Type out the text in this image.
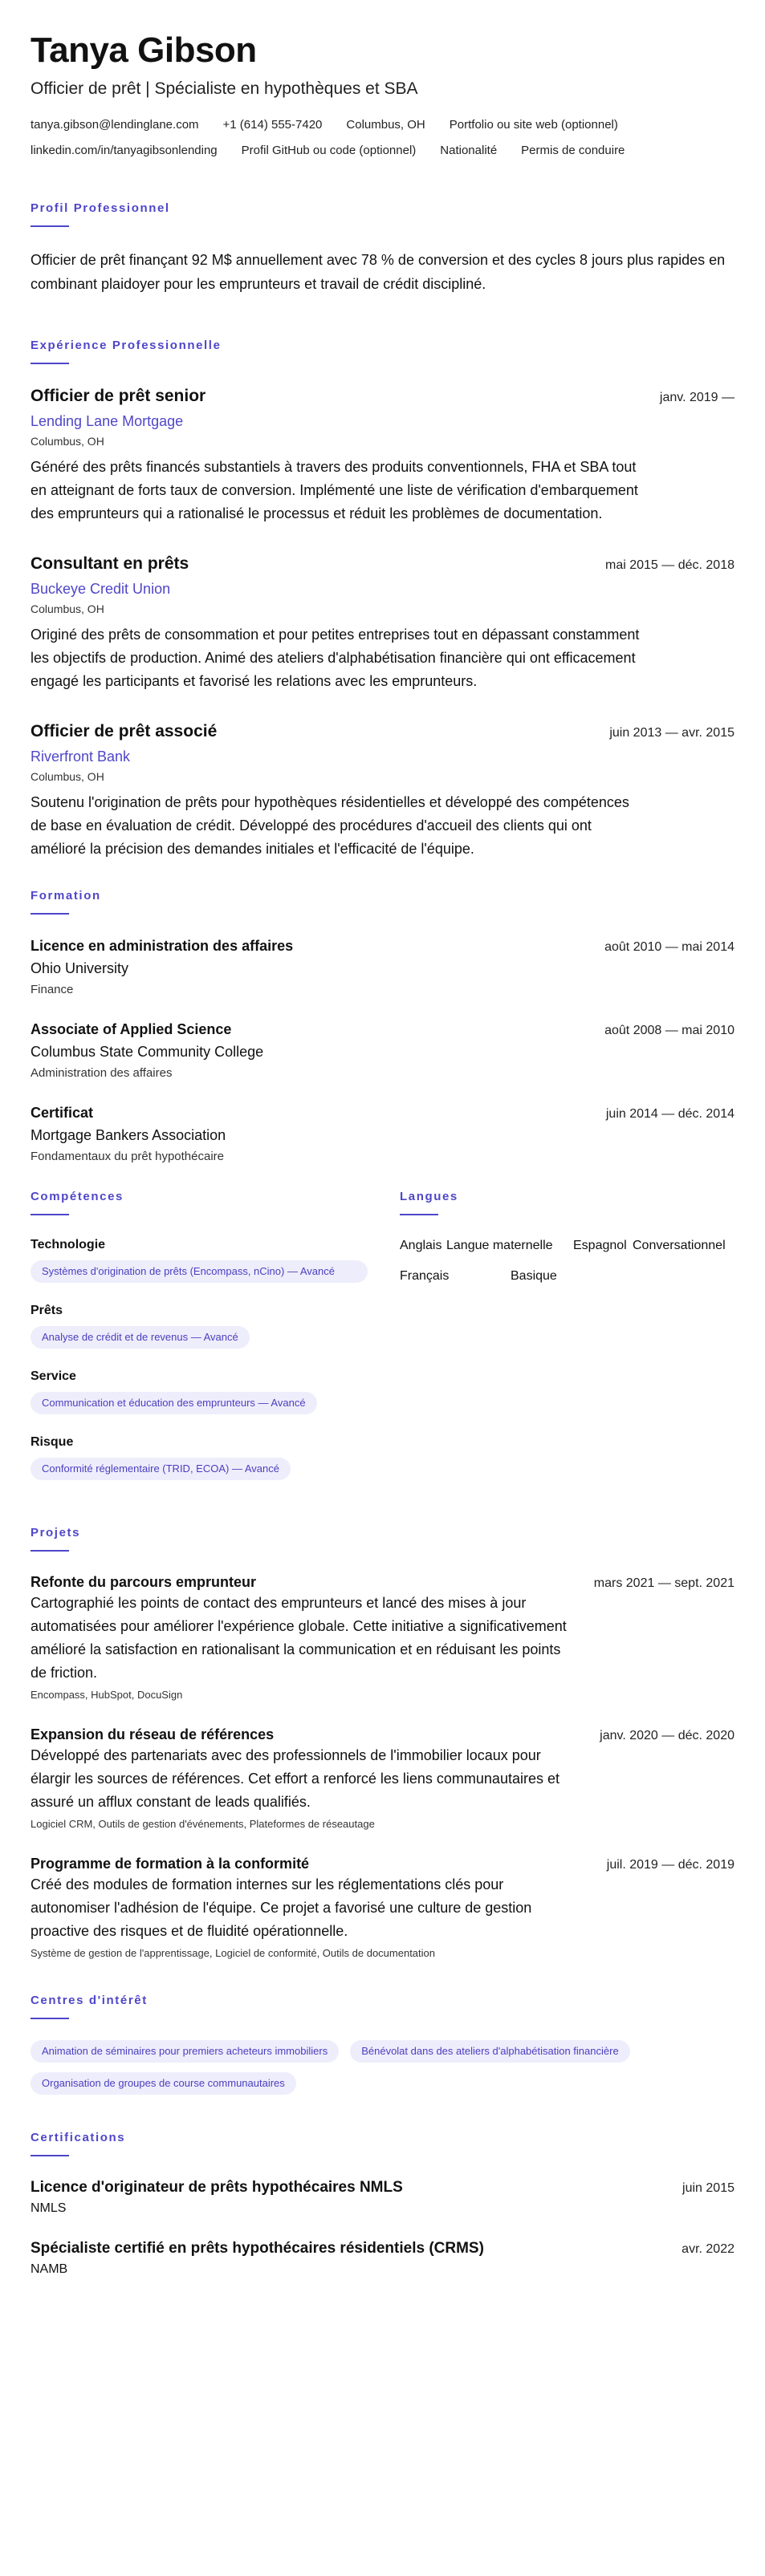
Tanya Gibson
Officier de prêt | Spécialiste en hypothèques et SBA
tanya.gibson@lendinglane.com +1 (614) 555-7420 Columbus, OH Portfolio ou site web (optionnel)
linkedin.com/in/tanyagibsonlending Profil GitHub ou code (optionnel) Nationalité Permis de conduire
Profil Professionnel
Officier de prêt finançant 92 M$ annuellement avec 78 % de conversion et des cycles 8 jours plus rapides en combinant plaidoyer pour les emprunteurs et travail de crédit discipliné.
Expérience Professionnelle
Officier de prêt senior	janv. 2019 —
Lending Lane Mortgage
Columbus, OH
Généré des prêts financés substantiels à travers des produits conventionnels, FHA et SBA tout en atteignant de forts taux de conversion. Implémenté une liste de vérification d'embarquement des emprunteurs qui a rationalisé le processus et réduit les problèmes de documentation.
Consultant en prêts	mai 2015 — déc. 2018
Buckeye Credit Union
Columbus, OH
Originé des prêts de consommation et pour petites entreprises tout en dépassant constamment les objectifs de production. Animé des ateliers d'alphabétisation financière qui ont efficacement engagé les participants et favorisé les relations avec les emprunteurs.
Officier de prêt associé	juin 2013 — avr. 2015
Riverfront Bank
Columbus, OH
Soutenu l'origination de prêts pour hypothèques résidentielles et développé des compétences de base en évaluation de crédit. Développé des procédures d'accueil des clients qui ont amélioré la précision des demandes initiales et l'efficacité de l'équipe.
Formation
Licence en administration des affaires	août 2010 — mai 2014
Ohio University
Finance
Associate of Applied Science	août 2008 — mai 2010
Columbus State Community College
Administration des affaires
Certificat	juin 2014 — déc. 2014
Mortgage Bankers Association
Fondamentaux du prêt hypothécaire
Compétences
Technologie
Systèmes d'origination de prêts (Encompass, nCino) — Avancé
Prêts
Analyse de crédit et de revenus — Avancé
Service
Communication et éducation des emprunteurs — Avancé
Risque
Conformité réglementaire (TRID, ECOA) — Avancé
Langues
Anglais Langue maternelle	Espagnol Conversationnel
Français	Basique
Projets
Refonte du parcours emprunteur	mars 2021 — sept. 2021
Cartographié les points de contact des emprunteurs et lancé des mises à jour automatisées pour améliorer l'expérience globale. Cette initiative a significativement amélioré la satisfaction en rationalisant la communication et en réduisant les points de friction.
Encompass, HubSpot, DocuSign
Expansion du réseau de références	janv. 2020 — déc. 2020
Développé des partenariats avec des professionnels de l'immobilier locaux pour élargir les sources de références. Cet effort a renforcé les liens communautaires et assuré un afflux constant de leads qualifiés.
Logiciel CRM, Outils de gestion d'événements, Plateformes de réseautage
Programme de formation à la conformité	juil. 2019 — déc. 2019
Créé des modules de formation internes sur les réglementations clés pour autonomiser l'adhésion de l'équipe. Ce projet a favorisé une culture de gestion proactive des risques et de fluidité opérationnelle.
Système de gestion de l'apprentissage, Logiciel de conformité, Outils de documentation
Centres d'intérêt
Animation de séminaires pour premiers acheteurs immobiliers	Bénévolat dans des ateliers d'alphabétisation financière
Organisation de groupes de course communautaires
Certifications
Licence d'originateur de prêts hypothécaires NMLS	juin 2015
NMLS
Spécialiste certifié en prêts hypothécaires résidentiels (CRMS)	avr. 2022
NAMB
